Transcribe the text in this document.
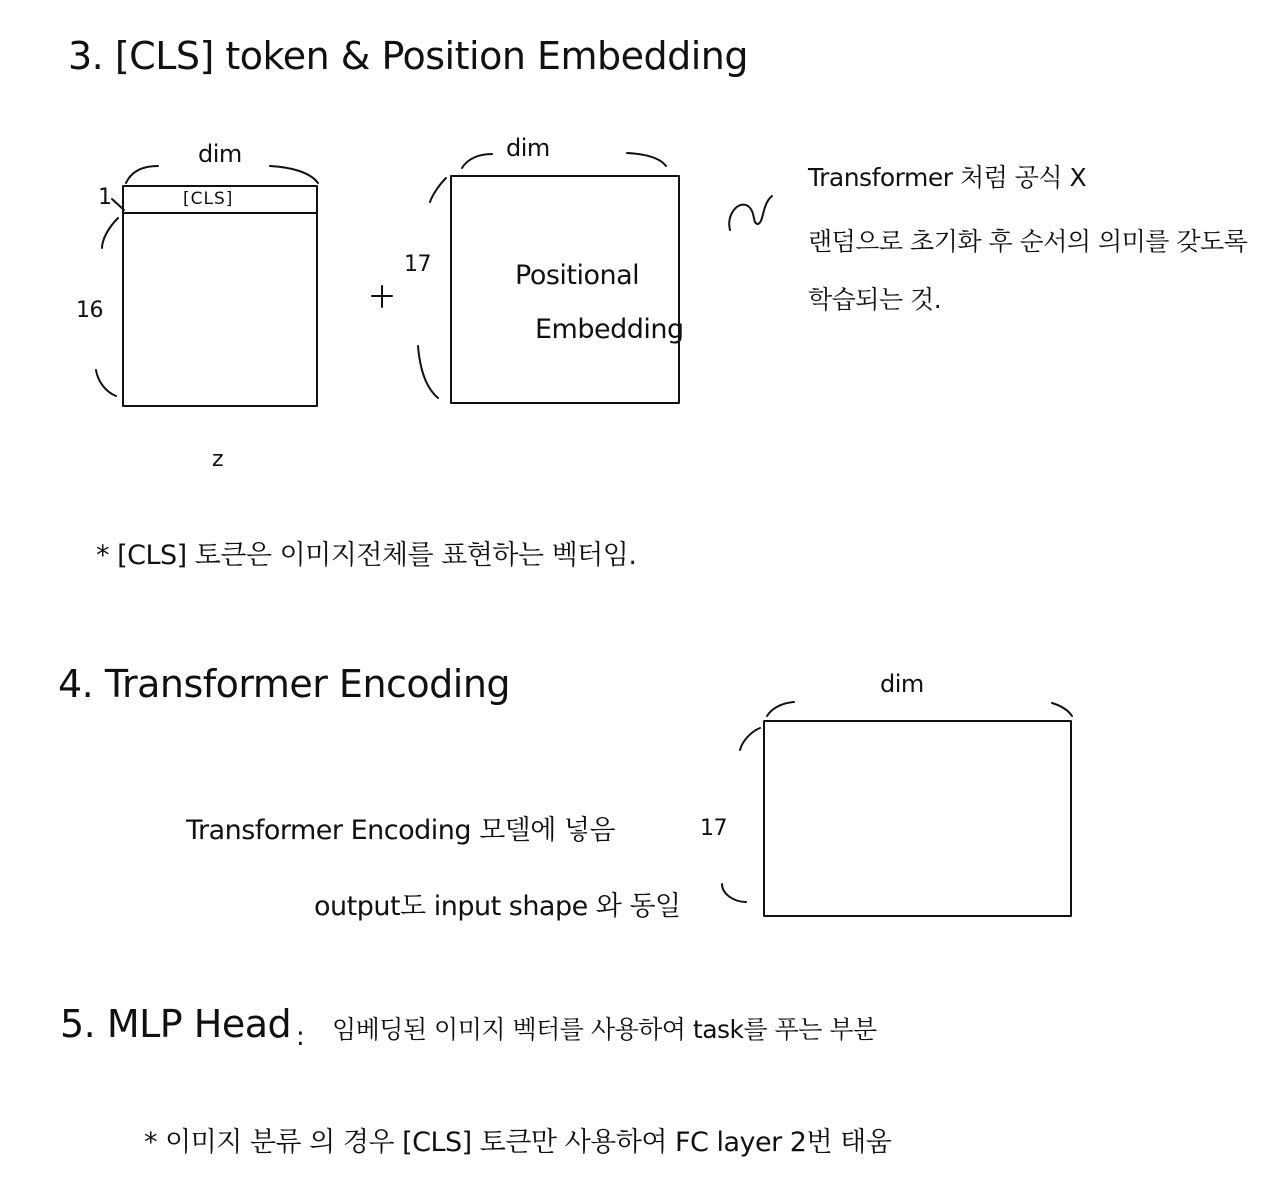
3. [CLS] token & Position Embedding
dim
[CLS]
1
16
z
dim
17	Positional
Embedding
Transformer 처럼 공식 X
랜덤으로 초기화 후 순서의 의미를 갖도록
학습되는 것.
* [CLS] 토큰은 이미지전체를 표현하는 벡터임.
4. Transformer Encoding	dim
17
Transformer Encoding 모델에 넣음
output도 input shape 와 동일
5. MLP Head : 임베딩된 이미지 벡터를 사용하여 task를 푸는 부분
* 이미지 분류 의 경우 [CLS] 토큰만 사용하여 FC layer 2번 태움
